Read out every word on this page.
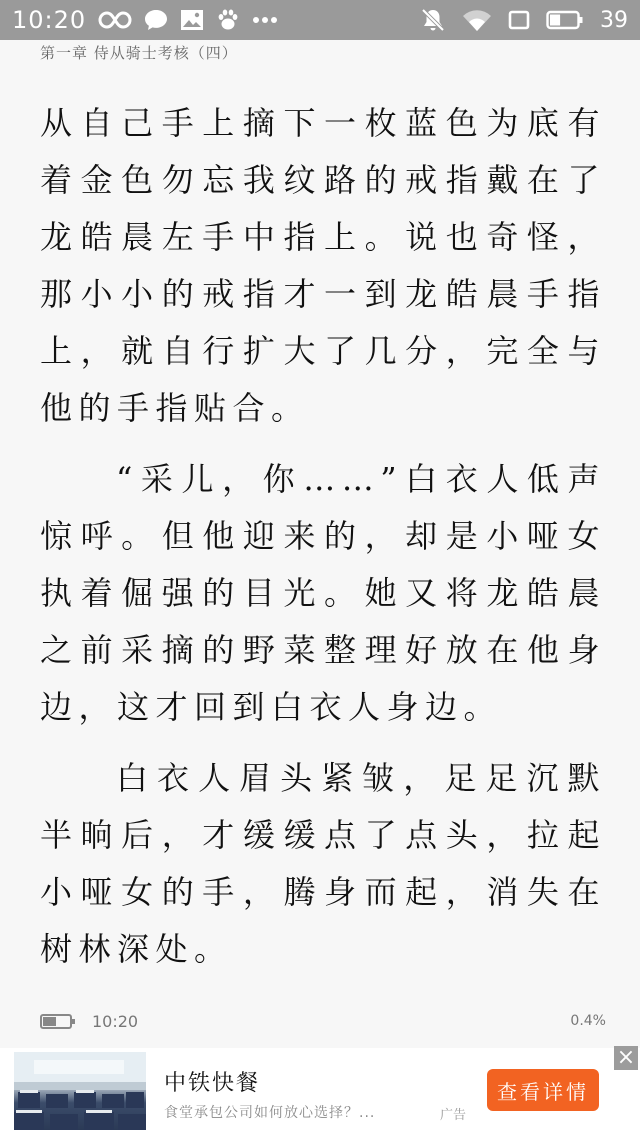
10:20	39
第一章 侍从骑士考核（四）

从自己手上摘下一枚蓝色为底有着金色勿忘我纹路的戒指戴在了龙皓晨左手中指上。说也奇怪，那小小的戒指才一到龙皓晨手指上，就自行扩大了几分，完全与他的手指贴合。

“采儿，你……”白衣人低声惊呼。但他迎来的，却是小哑女执着倔强的目光。她又将龙皓晨之前采摘的野菜整理好放在他身边，这才回到白衣人身边。

白衣人眉头紧皱，足足沉默半晌后，才缓缓点了点头，拉起小哑女的手，腾身而起，消失在树林深处。

10:20	0.4%
中铁快餐
食堂承包公司如何放心选择？...	广告
查看详情
×
